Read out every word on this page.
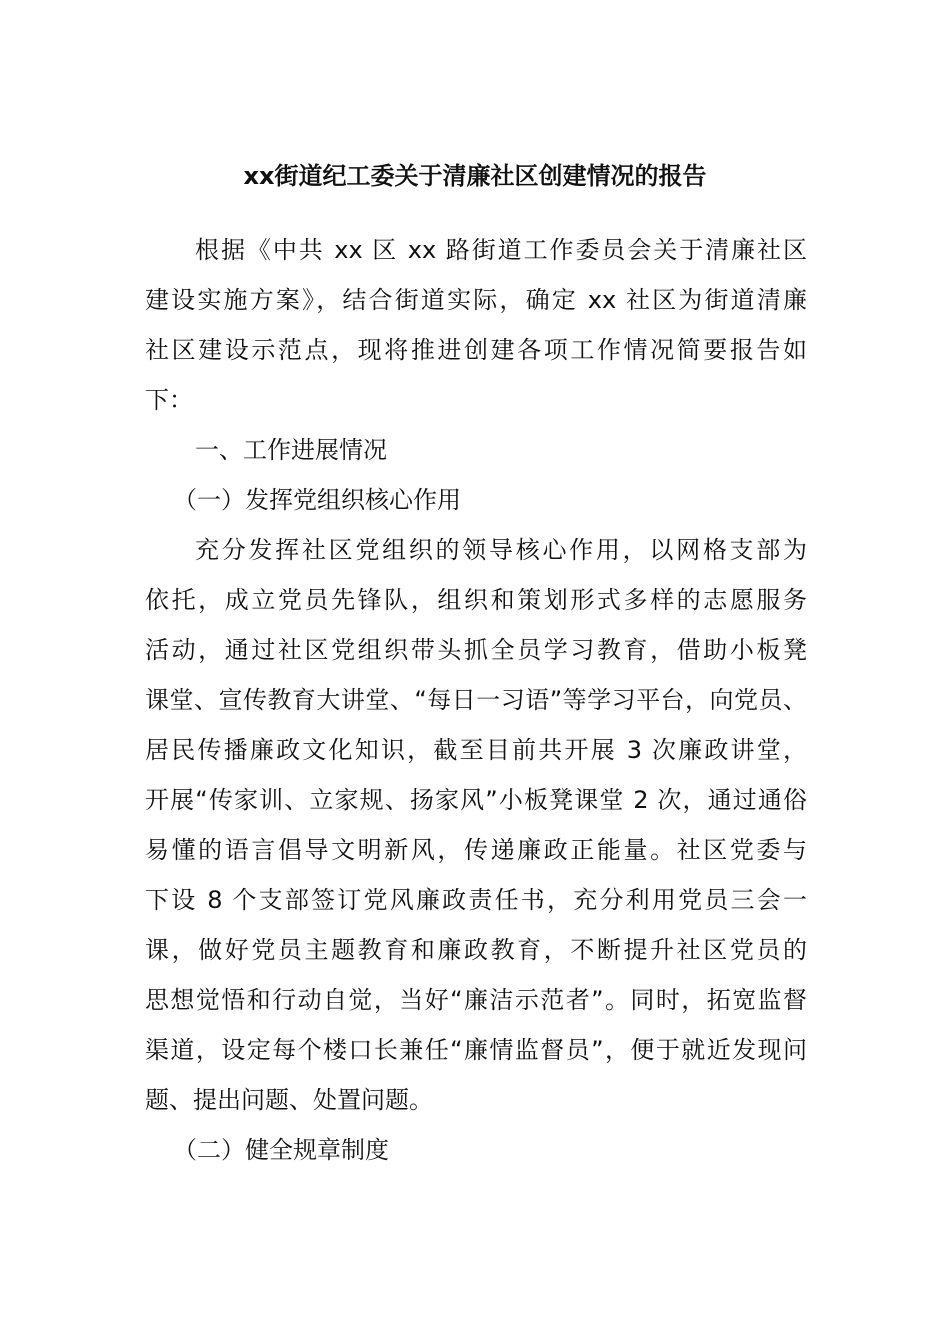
xx街道纪工委关于清廉社区创建情况的报告
根据《中共 xx 区 xx 路街道工作委员会关于清廉社区
建设实施方案》，结合街道实际，确定 xx 社区为街道清廉
社区建设示范点，现将推进创建各项工作情况简要报告如
下：
一、工作进展情况
（一）发挥党组织核心作用
充分发挥社区党组织的领导核心作用，以网格支部为
依托，成立党员先锋队，组织和策划形式多样的志愿服务
活动，通过社区党组织带头抓全员学习教育，借助小板凳
课堂、宣传教育大讲堂、“每日一习语”等学习平台，向党员、
居民传播廉政文化知识，截至目前共开展 3 次廉政讲堂，
开展“传家训、立家规、扬家风”小板凳课堂 2 次，通过通俗
易懂的语言倡导文明新风，传递廉政正能量。社区党委与
下设 8 个支部签订党风廉政责任书，充分利用党员三会一
课，做好党员主题教育和廉政教育，不断提升社区党员的
思想觉悟和行动自觉，当好“廉洁示范者”。同时，拓宽监督
渠道，设定每个楼口长兼任“廉情监督员”，便于就近发现问
题、提出问题、处置问题。
（二）健全规章制度
